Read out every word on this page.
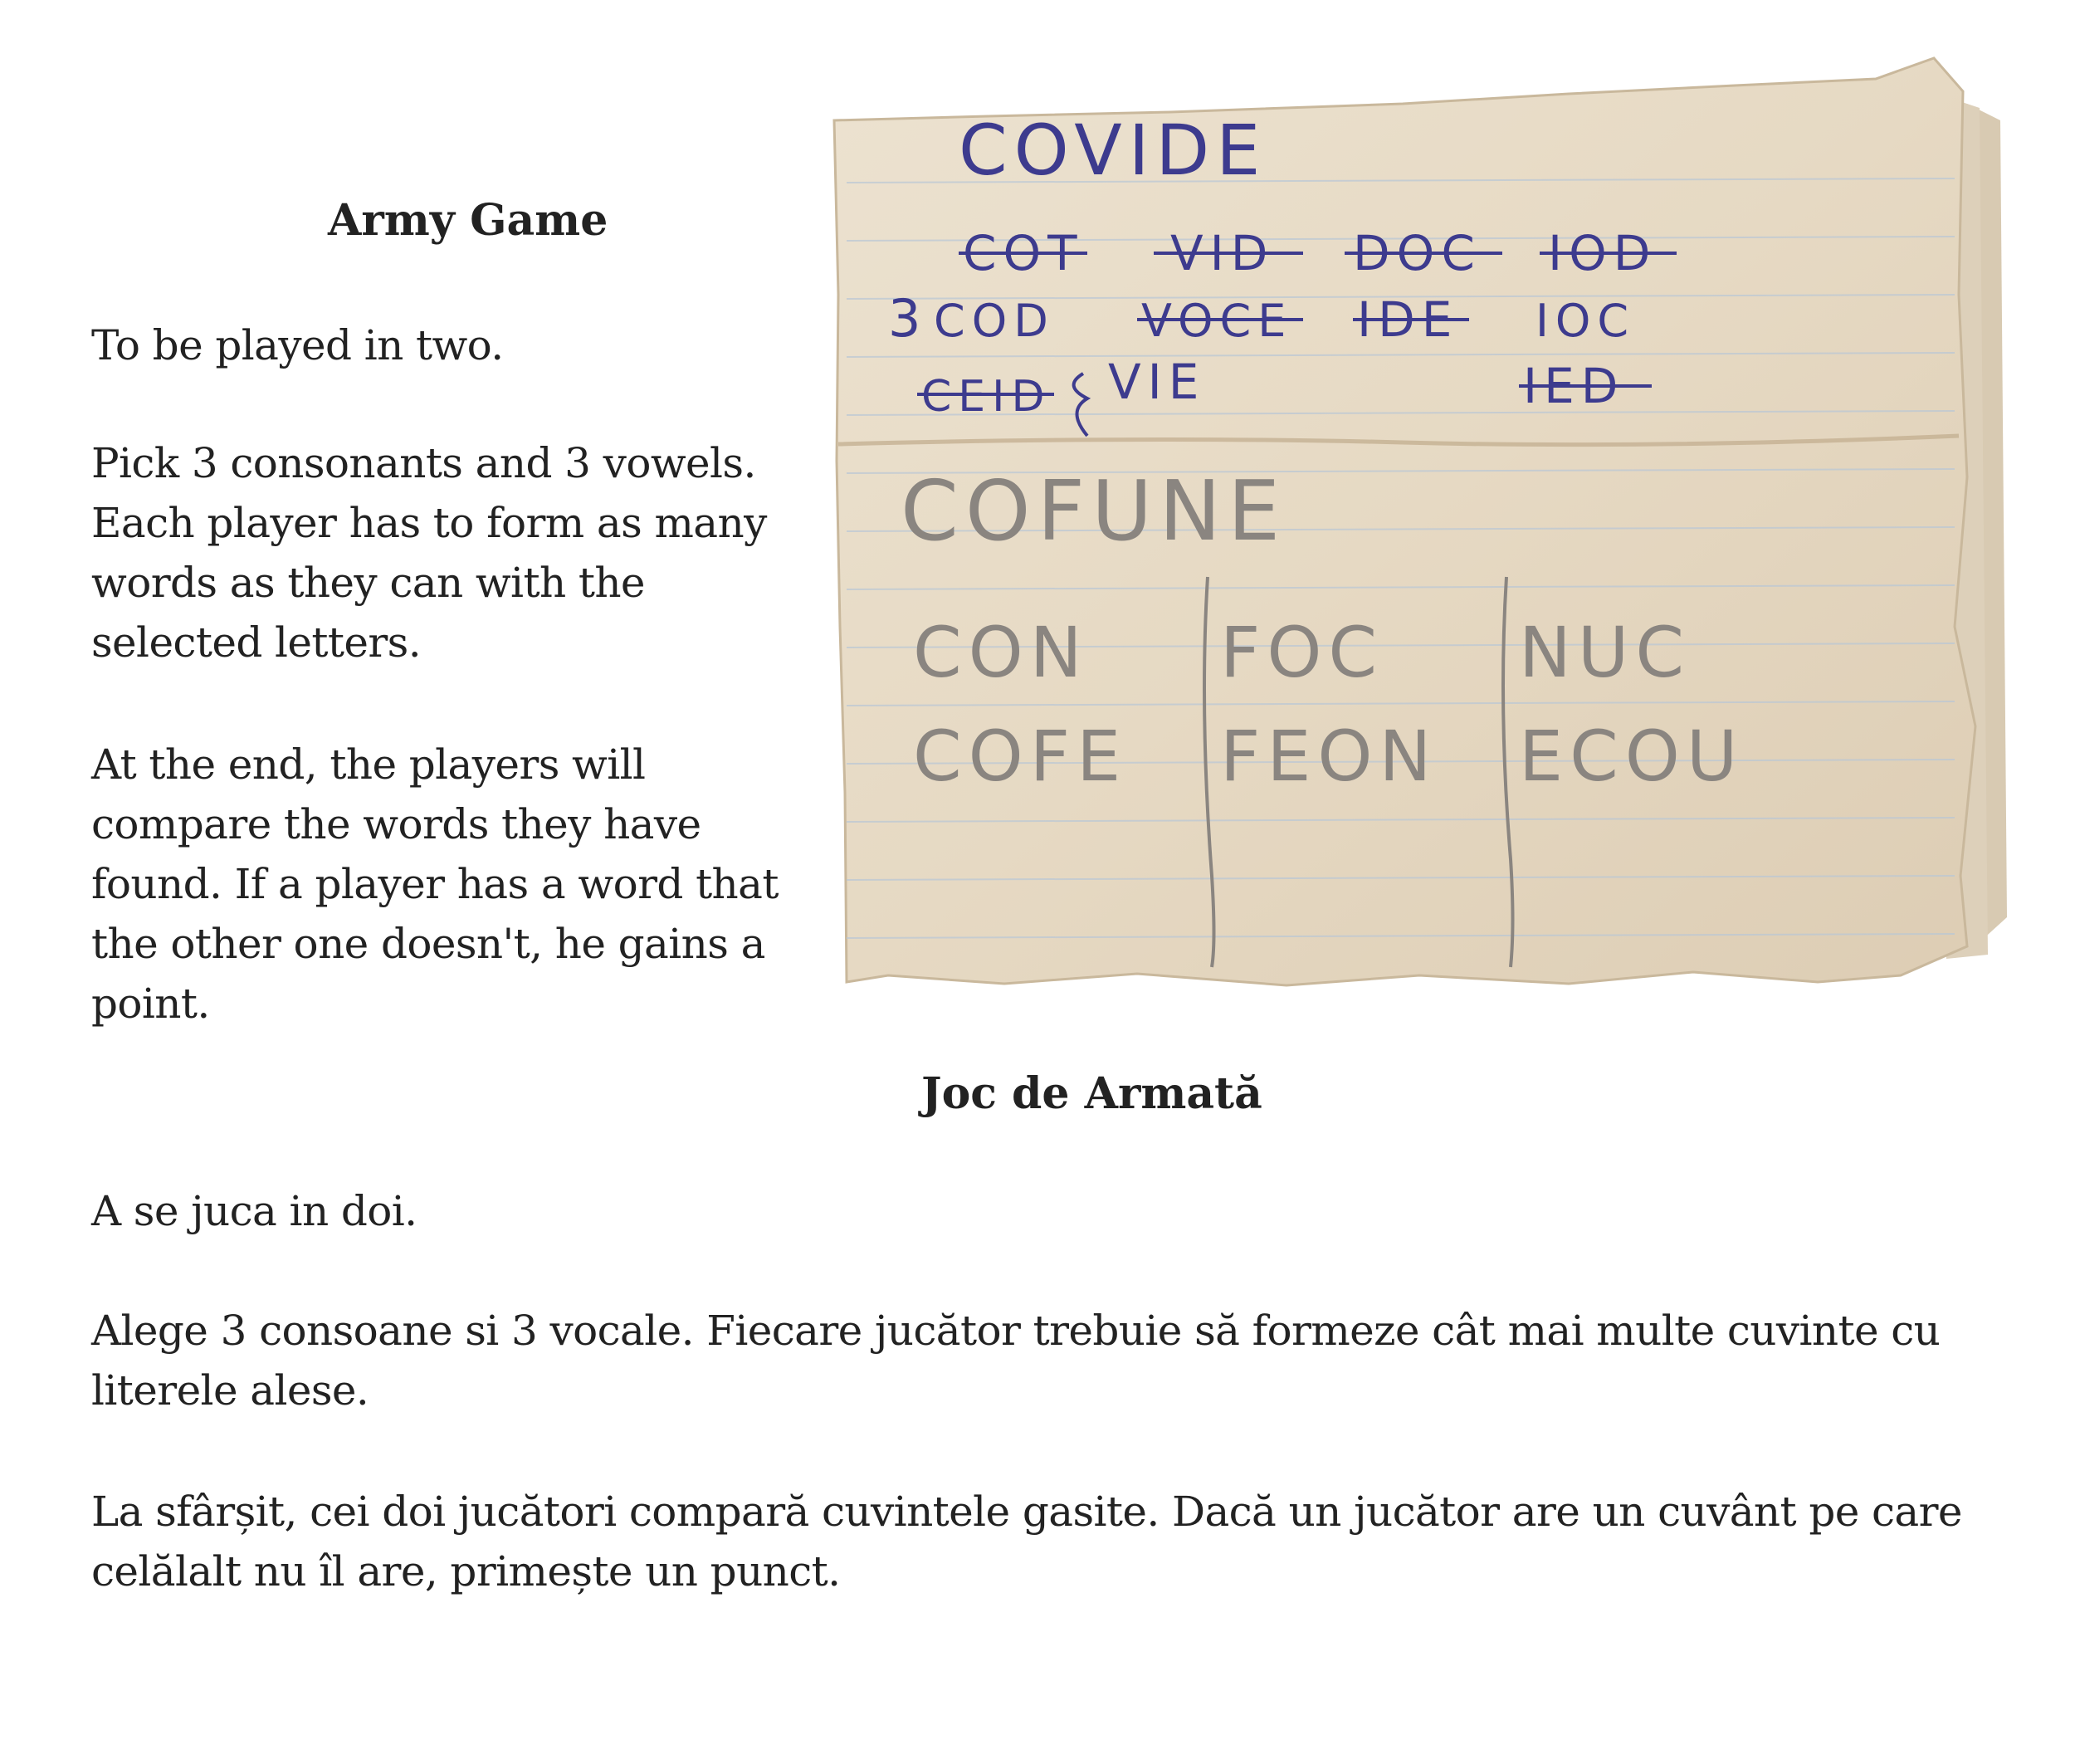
Army Game

To be played in two.

Pick 3 consonants and 3 vowels. Each player has to form as many words as they can with the selected letters.

At the end, the players will compare the words they have found. If a player has a word that the other one doesn't, he gains a point.

COVIDE
COT VID DOC IOD
3 COD VOCE IDE IOC
CEID VIE	IED
COFUNE
CON FOC NUC
COFE FEON ECOU
Joc de Armată

A se juca in doi.

Alege 3 consoane si 3 vocale. Fiecare jucător trebuie să formeze cât mai multe cuvinte cu literele alese.

La sfârșit, cei doi jucători compară cuvintele gasite. Dacă un jucător are un cuvânt pe care celălalt nu îl are, primește un punct.
